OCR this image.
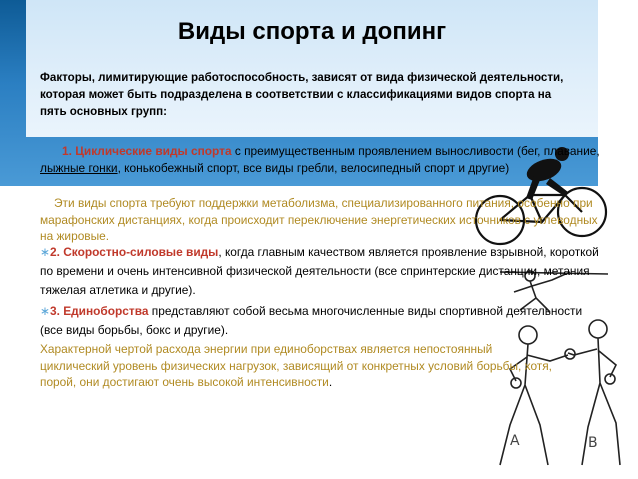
Виды спорта и допинг
Факторы, лимитирующие работоспособность, зависят от вида физической деятельности, которая может быть подразделена в соответствии с классификациями видов спорта на пять основных групп:
A	B
1. Циклические виды спорта с преимущественным проявлением выносливости (бег, плавание, лыжные гонки, конькобежный спорт, все виды гребли, велосипедный спорт и другие)
Эти виды спорта требуют поддержки метаболизма, специализированного питания, особенно при марафонских дистанциях, когда происходит переключение энергетических источников с углеводных на жировые.
∗2. Скоростно-силовые виды, когда главным качеством является проявление взрывной, короткой по времени и очень интенсивной физической деятельности (все спринтерские дистанции, метания тяжелая атлетика и другие).
∗3. Единоборства представляют собой весьма многочисленные виды спортивной деятельности (все виды борьбы, бокс и другие).
Характерной чертой расхода энергии при единоборствах является непостоянный циклический уровень физических нагрузок, зависящий от конкретных условий борьбы, хотя, порой, они достигают очень высокой интенсивности.
